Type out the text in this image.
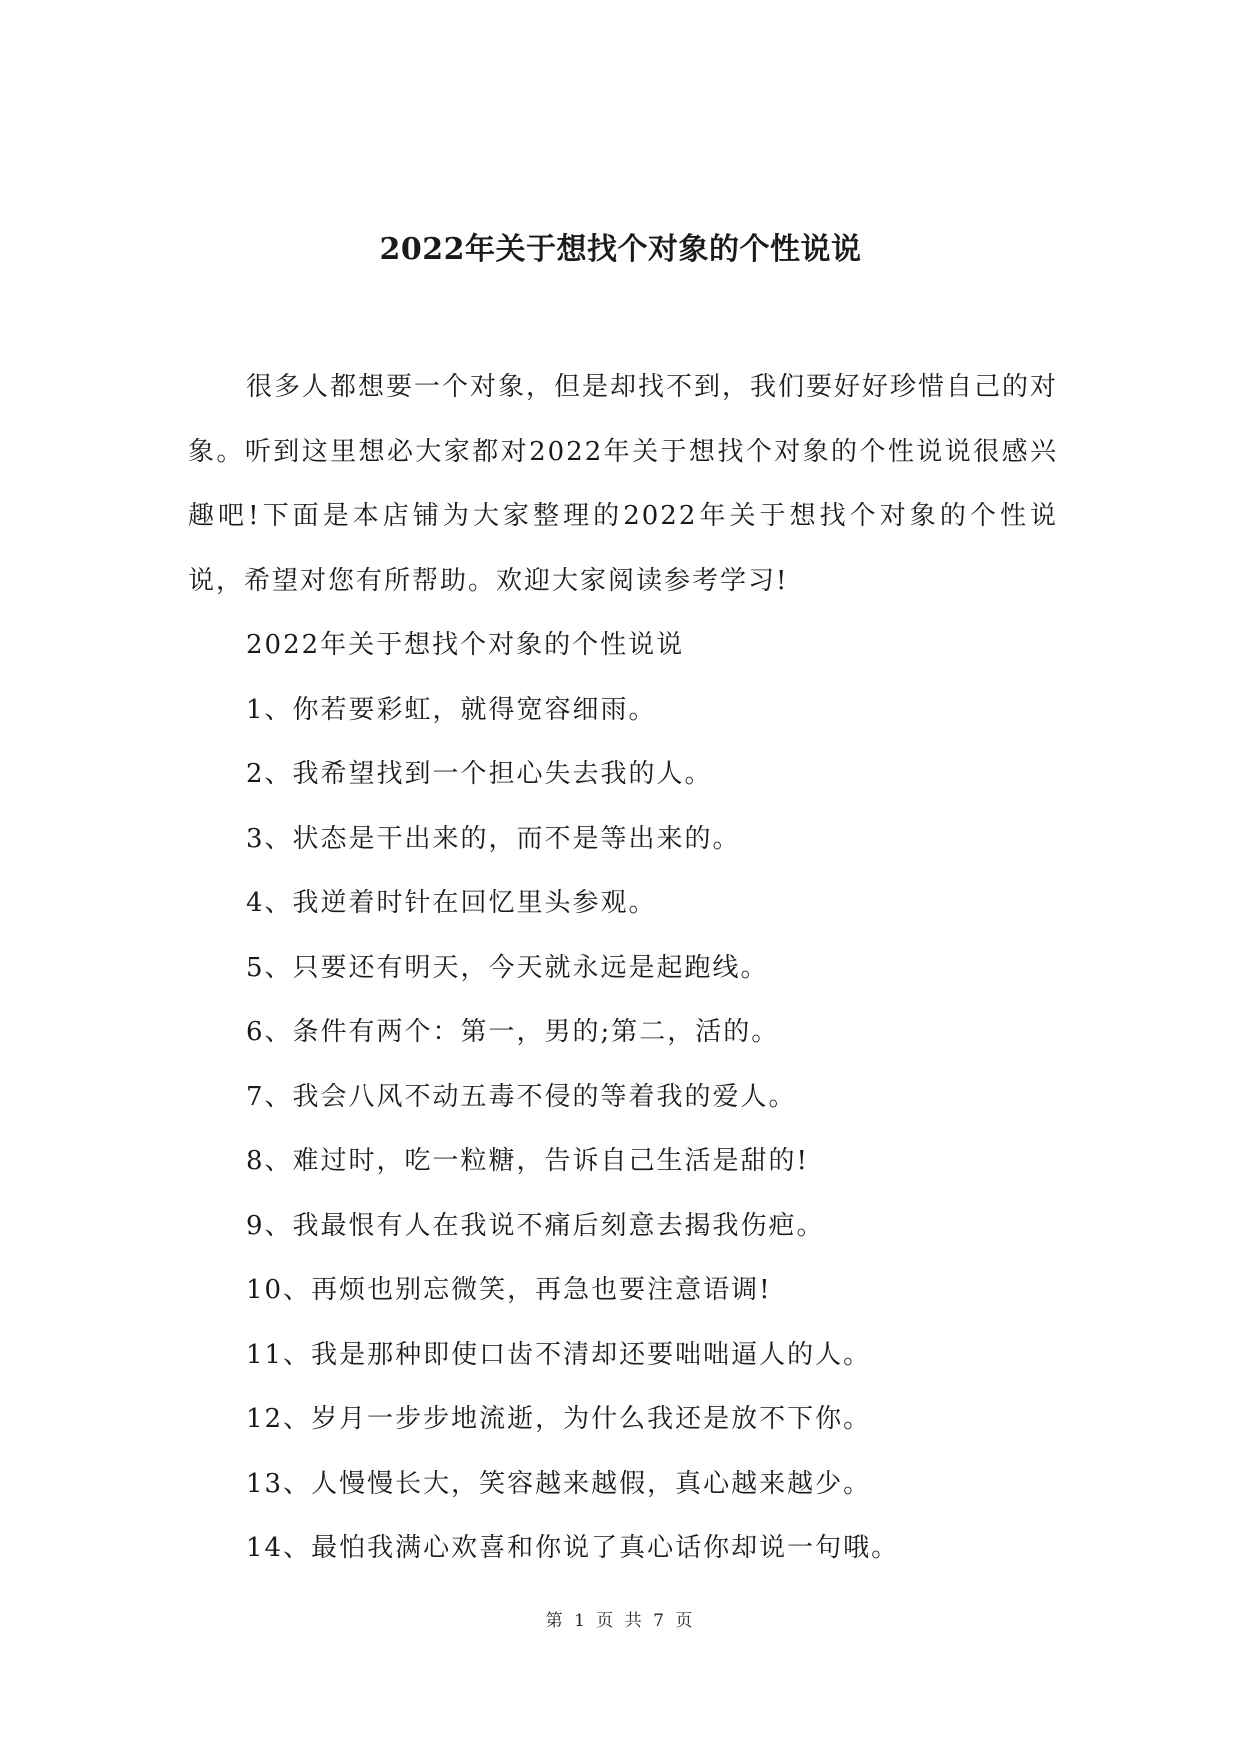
2022年关于想找个对象的个性说说

很多人都想要一个对象，但是却找不到，我们要好好珍惜自己的对象。听到这里想必大家都对2022年关于想找个对象的个性说说很感兴趣吧!下面是本店铺为大家整理的2022年关于想找个对象的个性说说，希望对您有所帮助。欢迎大家阅读参考学习!

2022年关于想找个对象的个性说说
1、你若要彩虹，就得宽容细雨。
2、我希望找到一个担心失去我的人。
3、状态是干出来的，而不是等出来的。
4、我逆着时针在回忆里头参观。
5、只要还有明天，今天就永远是起跑线。
6、条件有两个：第一，男的;第二，活的。
7、我会八风不动五毒不侵的等着我的爱人。
8、难过时，吃一粒糖，告诉自己生活是甜的!
9、我最恨有人在我说不痛后刻意去揭我伤疤。
10、再烦也别忘微笑，再急也要注意语调!
11、我是那种即使口齿不清却还要咄咄逼人的人。
12、岁月一步步地流逝，为什么我还是放不下你。
13、人慢慢长大，笑容越来越假，真心越来越少。
14、最怕我满心欢喜和你说了真心话你却说一句哦。
第 1 页 共 7 页
